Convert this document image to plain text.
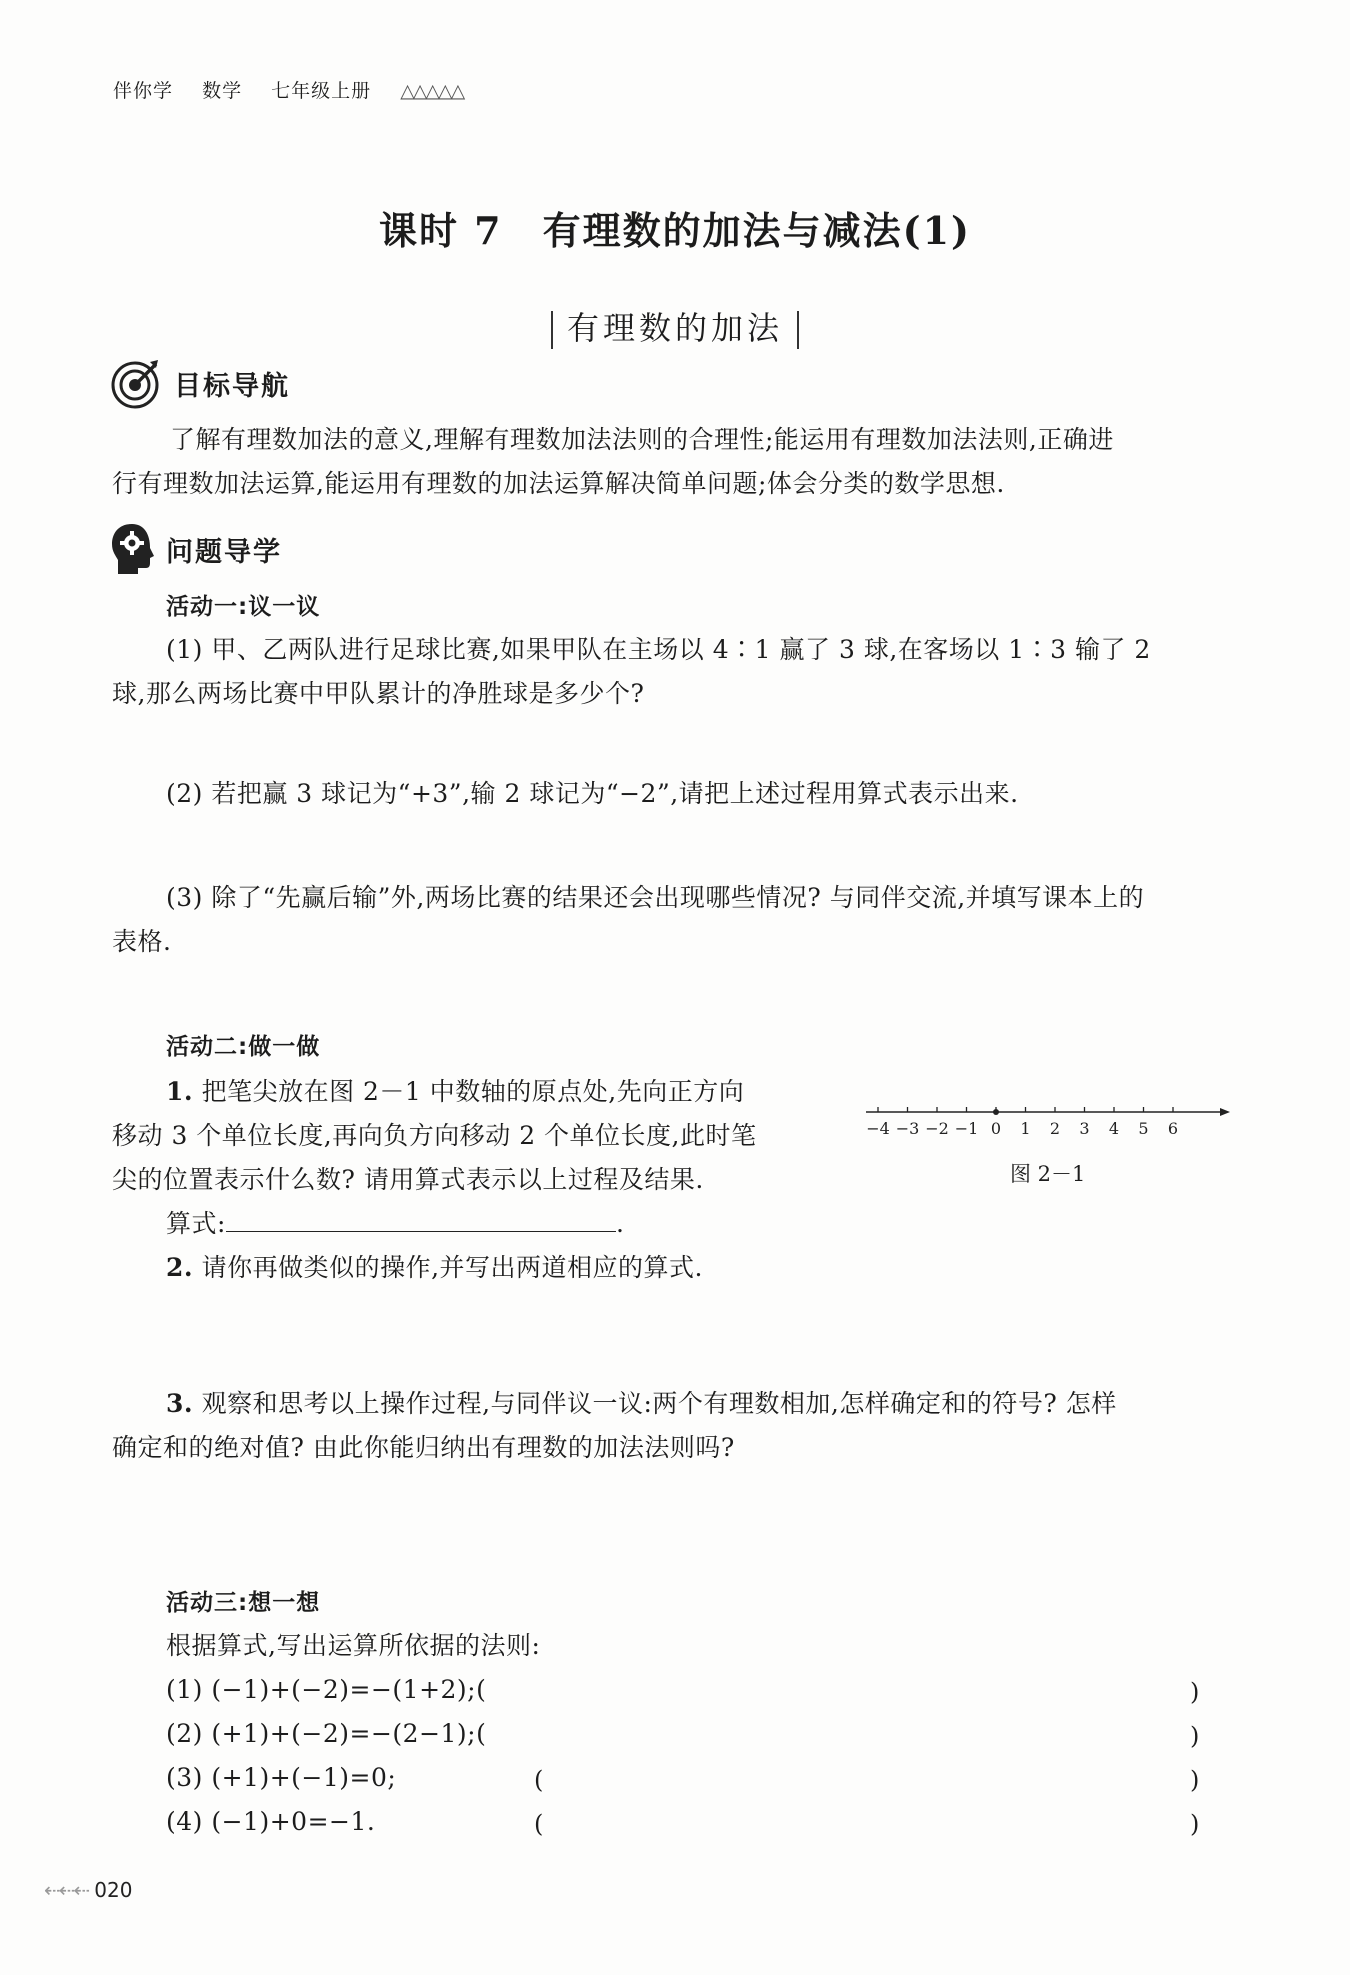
伴你学 数学 七年级上册 △△△△△
课时 7　有理数的加法与减法(1)
有理数的加法
目标导航
了解有理数加法的意义,理解有理数加法法则的合理性;能运用有理数加法法则,正确进
行有理数加法运算,能运用有理数的加法运算解决简单问题;体会分类的数学思想.
问题导学
活动一:议一议
(1) 甲、乙两队进行足球比赛,如果甲队在主场以 4∶1 赢了 3 球,在客场以 1∶3 输了 2
球,那么两场比赛中甲队累计的净胜球是多少个?
(2) 若把赢 3 球记为“+3”,输 2 球记为“−2”,请把上述过程用算式表示出来.
(3) 除了“先赢后输”外,两场比赛的结果还会出现哪些情况? 与同伴交流,并填写课本上的
表格.
活动二:做一做
1. 把笔尖放在图 2－1 中数轴的原点处,先向正方向
移动 3 个单位长度,再向负方向移动 2 个单位长度,此时笔
尖的位置表示什么数? 请用算式表示以上过程及结果.
算式:	.
2. 请你再做类似的操作,并写出两道相应的算式.
3. 观察和思考以上操作过程,与同伴议一议:两个有理数相加,怎样确定和的符号? 怎样
确定和的绝对值? 由此你能归纳出有理数的加法法则吗?
−4 −3 −2 −1 0 1 2 3 4 5 6
图 2－1
活动三:想一想
根据算式,写出运算所依据的法则:
(1) (−1)+(−2)=−(1+2);(	)
(2) (+1)+(−2)=−(2−1);(	)
(3) (+1)+(−1)=0;	(	)
(4) (−1)+0=−1.	(	)
⇠⇠⇠ 020
